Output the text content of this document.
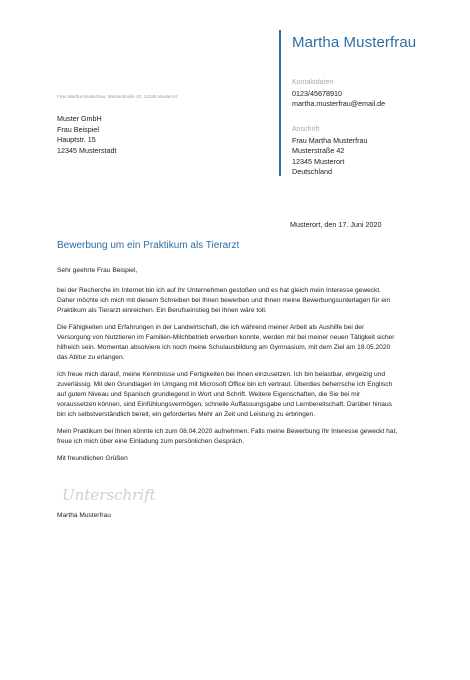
Martha Musterfrau
Kontaktdaten
0123/45678910
martha.musterfrau@email.de
Anschrift
Frau Martha Musterfrau
Musterstraße 42
12345 Musterort
Deutschland
Frau Martha Musterfrau, Musterstraße 42, 12345 Musterort
Muster GmbH
Frau Beispiel
Hauptstr. 15
12345 Musterstadt
Musterort, den 17. Juni 2020
Bewerbung um ein Praktikum als Tierarzt

Sehr geehrte Frau Beispiel,

bei der Recherche im Internet bin ich auf Ihr Unternehmen gestoßen und es hat gleich mein Interesse geweckt. Daher möchte ich mich mit diesem Schreiben bei Ihnen bewerben und Ihnen meine Bewerbungsunterlagen für ein Praktikum als Tierarzt einreichen. Ein Berufseinstieg bei Ihnen wäre toll.

Die Fähigkeiten und Erfahrungen in der Landwirtschaft, die ich während meiner Arbeit als Aushilfe bei der Versorgung von Nutztieren im Familien-Milchbetrieb erwerben konnte, werden mir bei meiner neuen Tätigkeit sicher hilfreich sein. Momentan absolviere ich noch meine Schulausbildung am Gymnasium, mit dem Ziel am 18.05.2020 das Abitur zu erlangen.

Ich freue mich darauf, meine Kenntnisse und Fertigkeiten bei Ihnen einzusetzen. Ich bin belastbar, ehrgeizig und zuverlässig. Mit den Grundlagen im Umgang mit Microsoft Office bin ich vertraut. Überdies beherrsche ich Englisch auf gutem Niveau und Spanisch grundlegend in Wort und Schrift. Weitere Eigenschaften, die Sie bei mir voraussetzen können, sind Einfühlungsvermögen, schnelle Auffassungsgabe und Lernbereitschaft. Darüber hinaus bin ich selbstverständlich bereit, ein gefordertes Mehr an Zeit und Leistung zu erbringen.

Mein Praktikum bei Ihnen könnte ich zum 08.04.2020 aufnehmen. Falls meine Bewerbung Ihr Interesse geweckt hat, freue ich mich über eine Einladung zum persönlichen Gespräch.

Mit freundlichen Grüßen

Unterschrift
Martha Musterfrau
